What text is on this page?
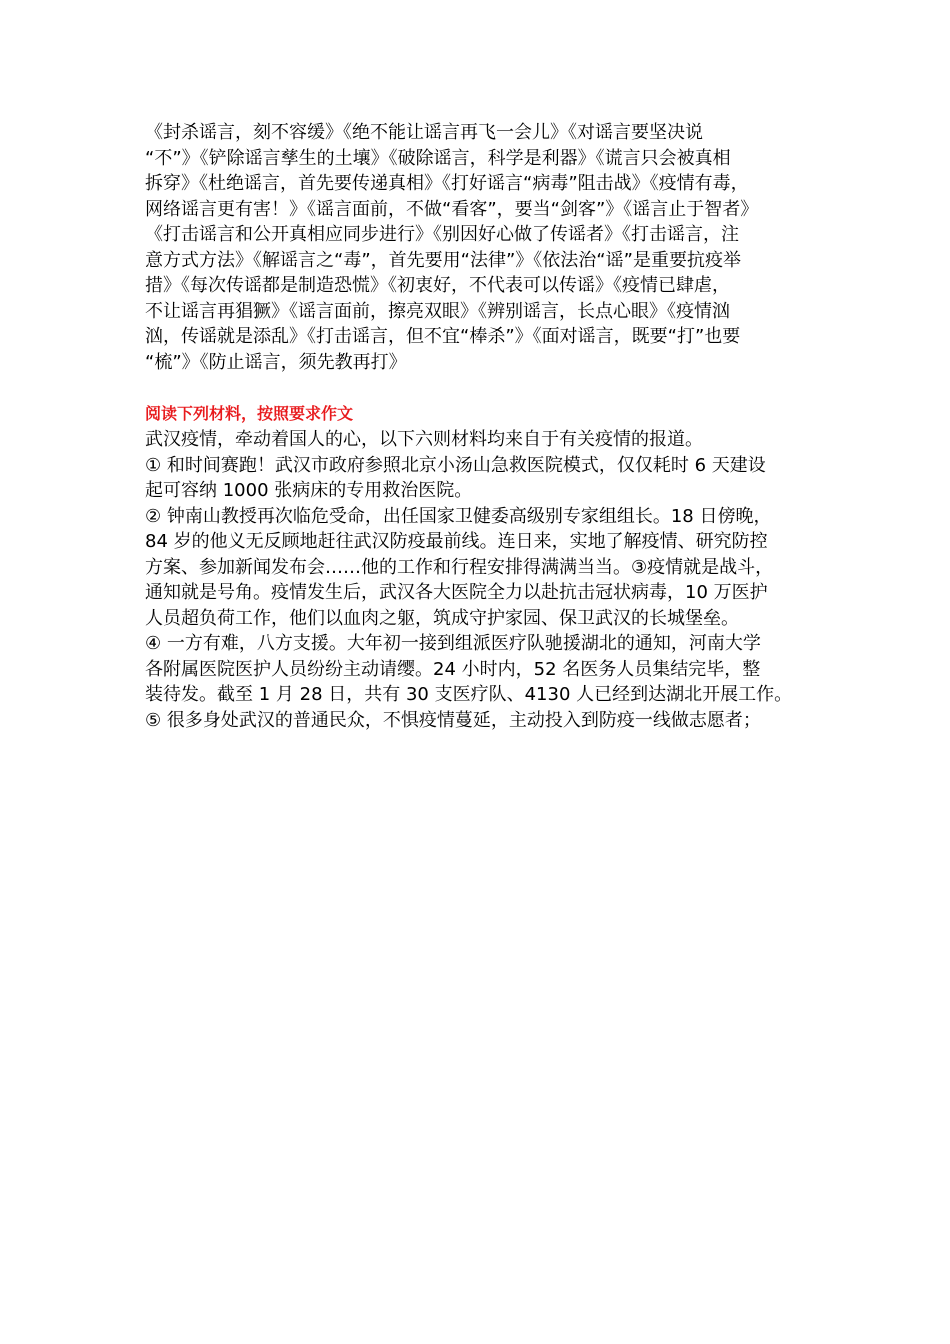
《封杀谣言，刻不容缓》《绝不能让谣言再飞一会儿》《对谣言要坚决说
“不”》《铲除谣言孳生的土壤》《破除谣言，科学是利器》《谎言只会被真相
拆穿》《杜绝谣言，首先要传递真相》《打好谣言“病毒”阻击战》《疫情有毒，
网络谣言更有害！》《谣言面前，不做“看客”，要当“剑客”》《谣言止于智者》
《打击谣言和公开真相应同步进行》《别因好心做了传谣者》《打击谣言，注
意方式方法》《解谣言之“毒”，首先要用“法律”》《依法治“谣”是重要抗疫举
措》《每次传谣都是制造恐慌》《初衷好，不代表可以传谣》《疫情已肆虐，
不让谣言再猖獗》《谣言面前，擦亮双眼》《辨别谣言，长点心眼》《疫情汹
汹，传谣就是添乱》《打击谣言，但不宜“棒杀”》《面对谣言，既要“打”也要
“梳”》《防止谣言，须先教再打》
阅读下列材料，按照要求作文
武汉疫情，牵动着国人的心，以下六则材料均来自于有关疫情的报道。
① 和时间赛跑！武汉市政府参照北京小汤山急救医院模式，仅仅耗时 6 天建设
起可容纳 1000 张病床的专用救治医院。
② 钟南山教授再次临危受命，出任国家卫健委高级别专家组组长。18 日傍晚，
84 岁的他义无反顾地赶往武汉防疫最前线。连日来，实地了解疫情、研究防控
方案、参加新闻发布会……他的工作和行程安排得满满当当。③疫情就是战斗，
通知就是号角。疫情发生后，武汉各大医院全力以赴抗击冠状病毒，10 万医护
人员超负荷工作，他们以血肉之躯，筑成守护家园、保卫武汉的长城堡垒。
④ 一方有难，八方支援。大年初一接到组派医疗队驰援湖北的通知，河南大学
各附属医院医护人员纷纷主动请缨。24 小时内，52 名医务人员集结完毕，整
装待发。截至 1 月 28 日，共有 30 支医疗队、4130 人已经到达湖北开展工作。
⑤ 很多身处武汉的普通民众，不惧疫情蔓延，主动投入到防疫一线做志愿者；
